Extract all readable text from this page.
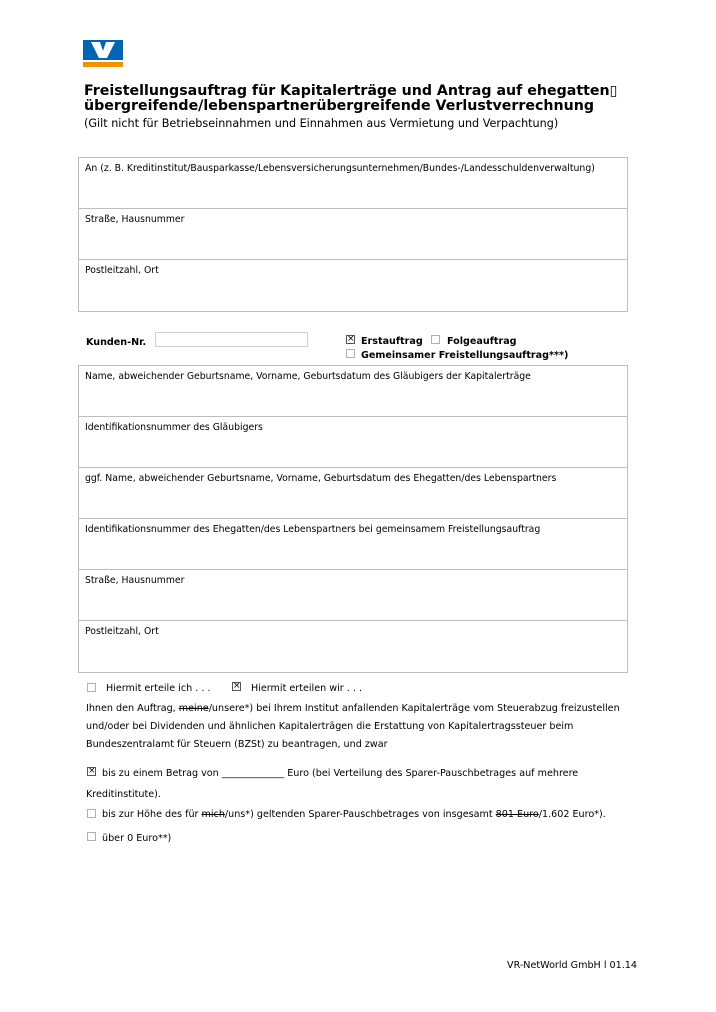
Freistellungsauftrag für Kapitalerträge und Antrag auf ehegatten▯
übergreifende/lebenspartnerübergreifende Verlustverrechnung
(Gilt nicht für Betriebseinnahmen und Einnahmen aus Vermietung und Verpachtung)
An (z. B. Kreditinstitut/Bausparkasse/Lebensversicherungsunternehmen/Bundes-/Landesschuldenverwaltung)
Straße, Hausnummer
Postleitzahl, Ort
Kunden-Nr.	× Erstauftrag	Folgeauftrag
Gemeinsamer Freistellungsauftrag***)
Name, abweichender Geburtsname, Vorname, Geburtsdatum des Gläubigers der Kapitalerträge
Identifikationsnummer des Gläubigers
ggf. Name, abweichender Geburtsname, Vorname, Geburtsdatum des Ehegatten/des Lebenspartners
Identifikationsnummer des Ehegatten/des Lebenspartners bei gemeinsamem Freistellungsauftrag
Straße, Hausnummer
Postleitzahl, Ort
Hiermit erteile ich . . .	× Hiermit erteilen wir . . .
Ihnen den Auftrag, meine/unsere*) bei Ihrem Institut anfallenden Kapitalerträge vom Steuerabzug freizustellen
und/oder bei Dividenden und ähnlichen Kapitalerträgen die Erstattung von Kapitalertragssteuer beim
Bundeszentralamt für Steuern (BZSt) zu beantragen, und zwar
× bis zu einem Betrag von _____________ Euro (bei Verteilung des Sparer-Pauschbetrages auf mehrere
Kreditinstitute).
bis zur Höhe des für mich/uns*) geltenden Sparer-Pauschbetrages von insgesamt 801 Euro/1.602 Euro*).
über 0 Euro**)
VR-NetWorld GmbH l 01.14
